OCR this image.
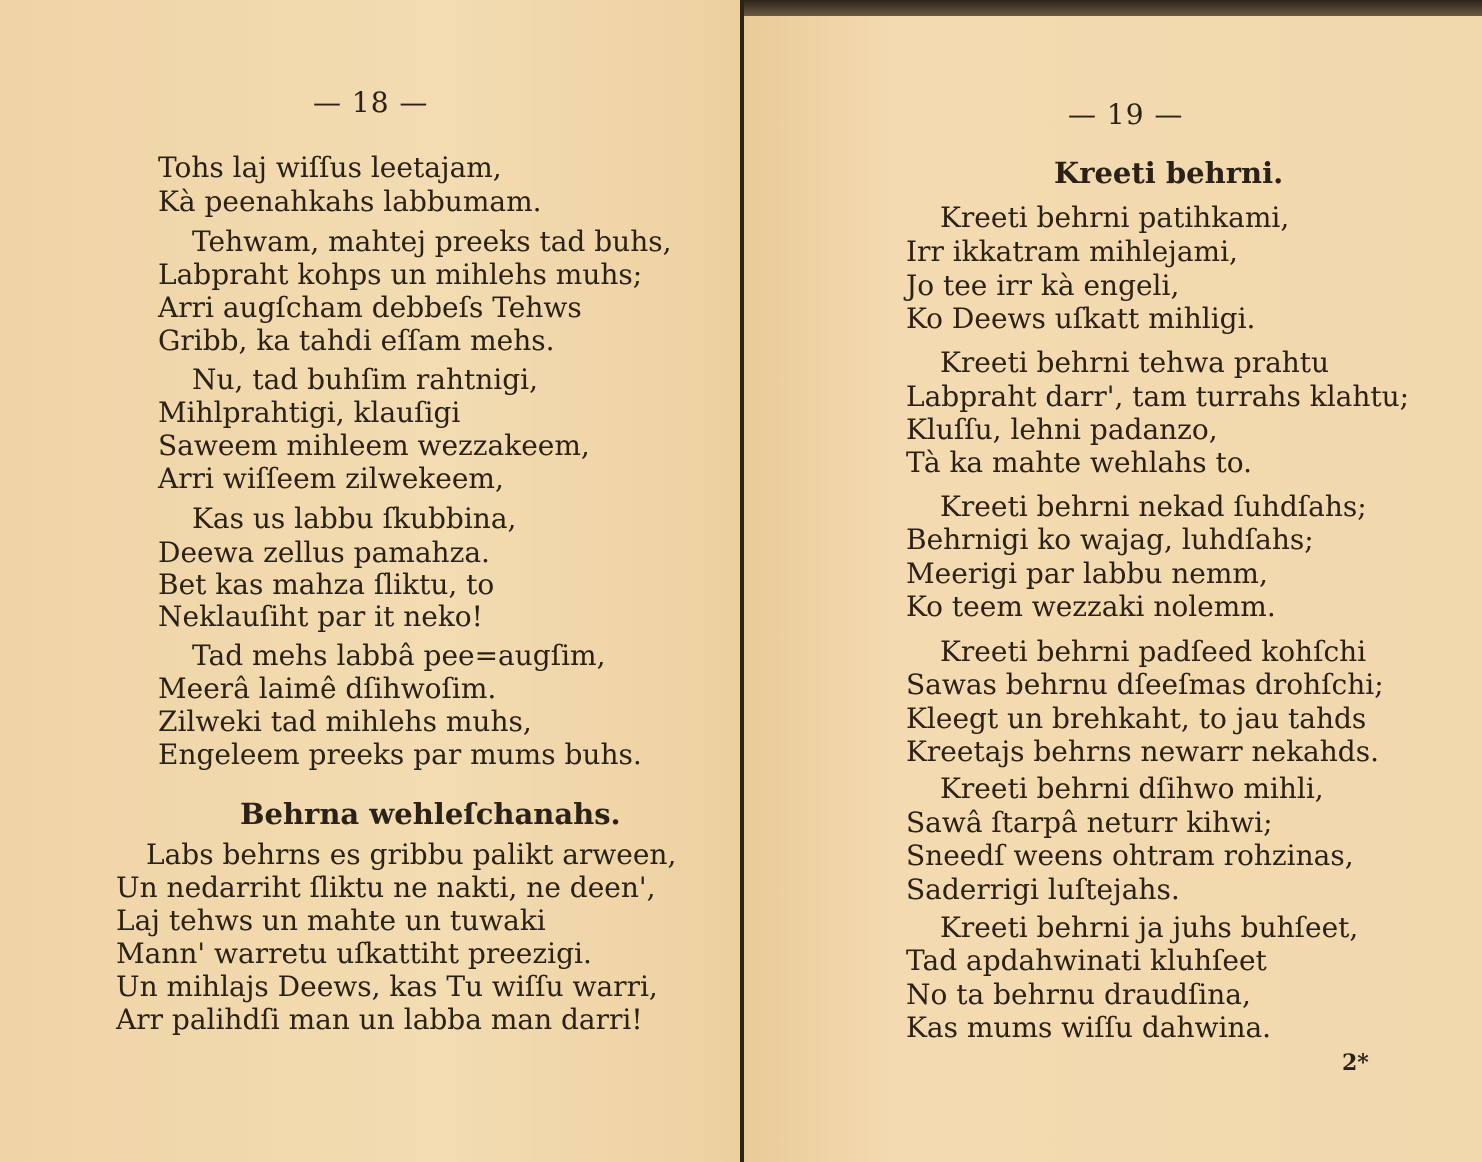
— 18 —
Tohs laj wiſſus leetajam,
Kà peenahkahs labbumam.
Tehwam, mahtej preeks tad buhs,
Labpraht kohps un mihlehs muhs;
Arri augſcham debbeſs Tehws
Gribb, ka tahdi eſſam mehs.
Nu, tad buhſim rahtnigi,
Mihlprahtigi, klauſigi
Saweem mihleem wezzakeem,
Arri wiſſeem zilwekeem,
Kas us labbu ſkubbina,
Deewa zellus pamahza.
Bet kas mahza ſliktu, to
Neklauſiht par it neko!
Tad mehs labbâ pee=augſim,
Meerâ laimê dſihwoſim.
Zilweki tad mihlehs muhs,
Engeleem preeks par mums buhs.
Behrna wehleſchanahs.
Labs behrns es gribbu palikt arween,
Un nedarriht ſliktu ne nakti, ne deen',
Laj tehws un mahte un tuwaki
Mann' warretu uſkattiht preezigi.
Un mihlajs Deews, kas Tu wiſſu warri,
Arr palihdſi man un labba man darri!
— 19 —
Kreeti behrni.
Kreeti behrni patihkami,
Irr ikkatram mihlejami,
Jo tee irr kà engeli,
Ko Deews uſkatt mihligi.
Kreeti behrni tehwa prahtu
Labpraht darr', tam turrahs klahtu;
Kluſſu, lehni padanzo,
Tà ka mahte wehlahs to.
Kreeti behrni nekad ſuhdſahs;
Behrnigi ko wajag, luhdſahs;
Meerigi par labbu nemm,
Ko teem wezzaki nolemm.
Kreeti behrni padſeed kohſchi
Sawas behrnu dſeeſmas drohſchi;
Kleegt un brehkaht, to jau tahds
Kreetajs behrns newarr nekahds.
Kreeti behrni dſihwo mihli,
Sawâ ſtarpâ neturr kihwi;
Sneedſ weens ohtram rohzinas,
Saderrigi luſtejahs.
Kreeti behrni ja juhs buhſeet,
Tad apdahwinati kluhſeet
No ta behrnu draudſina,
Kas mums wiſſu dahwina.
2*
